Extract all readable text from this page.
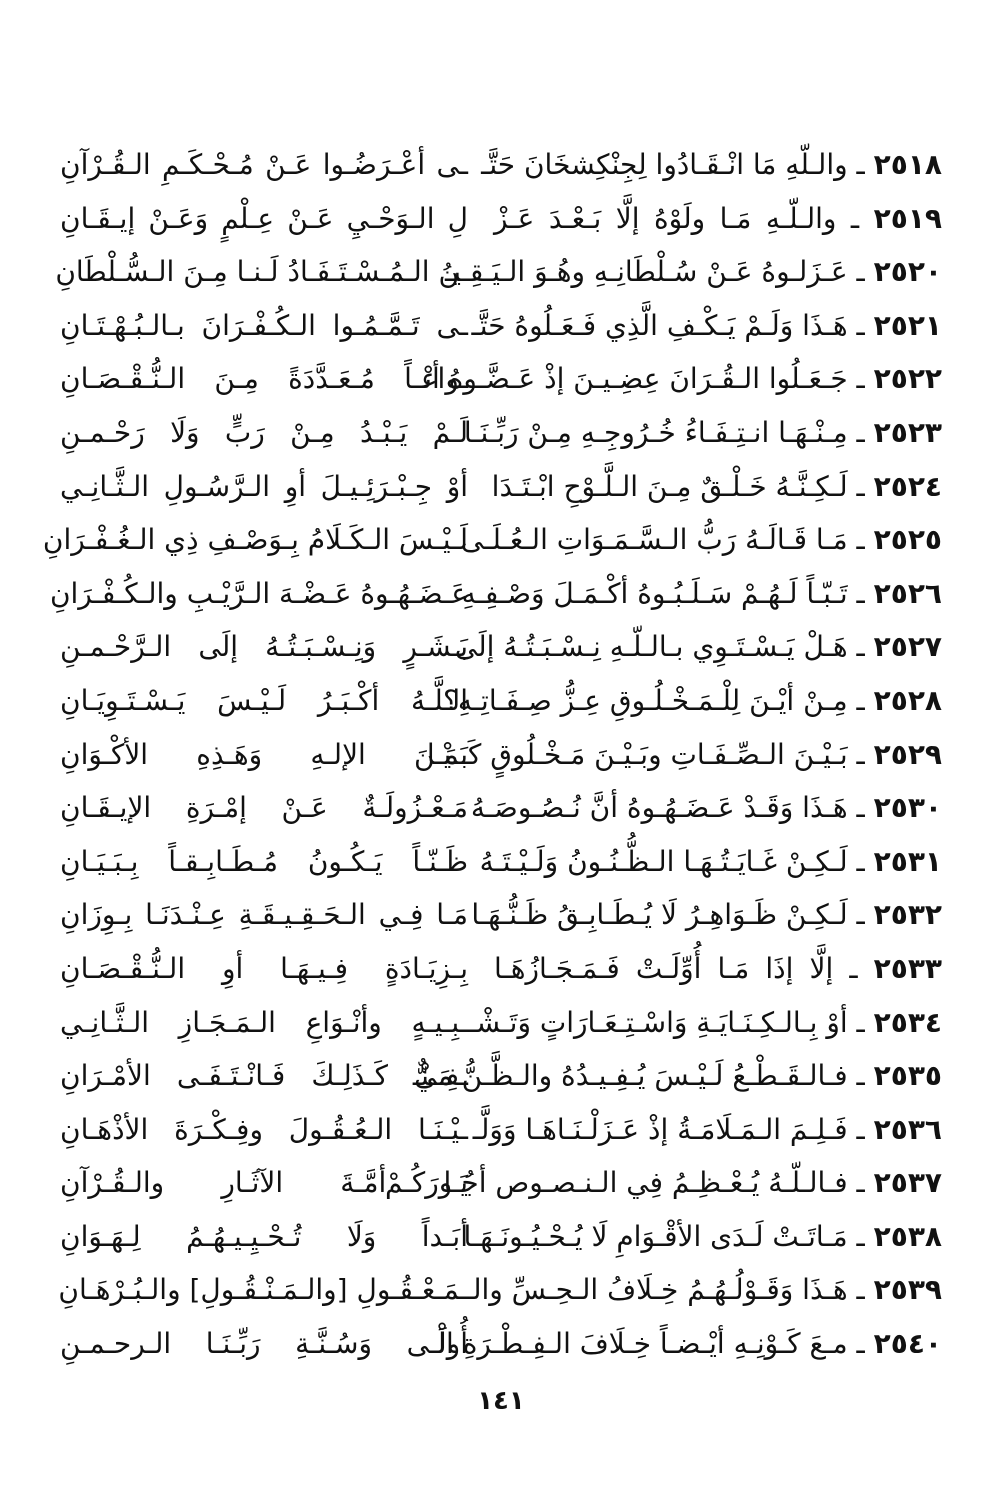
٢٥١٨ ـ والـلّهِ مَا انْـقَـادُوا لِجِنْكِشخَانَ حَتَّـ
ـى أعْـرَضُـوا عَـنْ مُـحْـكَـمِ الـقُـرْآنِ
٢٥١٩ ـ والـلّـهِ مَـا ولَوْهُ إلَّا بَـعْـدَ عَـزْ
لِ الـوَحْـيِ عَـنْ عِـلْمٍ وَعَـنْ إيـقَـانِ
٢٥٢٠ ـ عَـزَلـوهُ عَـنْ سُـلْطَانِـهِ وهُـوَ الـيَـقِـيـ
ـنُ الـمُـسْـتَـفَـادُ لَـنـا مِـنَ الـسُّـلْطَانِ
٢٥٢١ ـ هَـذَا وَلَـمْ يَـكْـفِ الَّذِي فَـعَـلُوهُ حَتَّـ
ـى تَـمَّـمُـوا الـكُـفْـرَانَ بـالـبُـهْـتَـانِ
٢٥٢٢ ـ جَـعَـلُوا الـقُـرَانَ عِضِـيـنَ إذْ عَـضَّـوهُ أنْـ
ـواعـاً مُـعَـدَّدَةً مِـنَ الـنُّـقْـصَـانِ
٢٥٢٣ ـ مِـنْـهَـا انـتِـفَـاءُ خُـرُوجِـهِ مِـنْ رَبِّـنَـا
لَـمْ يَـبْـدُ مِـنْ رَبٍّ وَلَا رَحْـمـنِ
٢٥٢٤ ـ لَـكِـنَّـهُ خَـلْـقٌ مِـنَ الـلَّـوْحِ ابْـتَـدَا
أوْ جِـبْـرَئِـيـلَ أوِ الـرَّسُـولِ الـثَّـانِـي
٢٥٢٥ ـ مَـا قَـالَـهُ رَبُّ الـسَّـمَـوَاتِ الـعُـلَـى
لَـيْـسَ الـكَـلَامُ بِـوَصْـفِ ذِي الـغُـفْـرَانِ
٢٥٢٦ ـ تَـبّـاً لَـهُـمْ سَـلَـبُـوهُ أكْـمَـلَ وَصْـفِـهِ
عَـضَـهُـوهُ عَـضْـهَ الـرَّيْـبِ والـكُـفْـرَانِ
٢٥٢٧ ـ هَـلْ يَـسْـتَـوِي بـالـلّـهِ نِـسْـبَـتُـهُ إلَى
بَـشَـرٍ وَنِـسْـبَـتُـهُ إلَى الـرَّحْـمـنِ
٢٥٢٨ ـ مِـنْ أيْـنَ لِلْـمَـخْـلُـوقِ عِـزُّ صِـفَـاتِـهِ؟
الـلَّـهُ أكْـبَـرُ لَـيْـسَ يَـسْـتَـوِيَـانِ
٢٥٢٩ ـ بَـيْـنَ الـصِّـفَـاتِ وبَـيْـنَ مَـخْـلُوقٍ كَـمَـا
بَـيْـنَ الإلـهِ وَهَـذِهِ الأكْـوَانِ
٢٥٣٠ ـ هَـذَا وَقَـدْ عَـضَـهُـوهُ أنَّ نُـصُـوصَـهُ
مَـعْـزُولَـةٌ عَـنْ إمْـرَةِ الإيـقَـانِ
٢٥٣١ ـ لَـكِـنْ غَـايَـتُـهَـا الـظُّـنُـونُ وَلَـيْـتَـهُ
ظَـنّـاً يَـكُـونُ مُـطَـابِـقـاً بِـبَـيَـانِ
٢٥٣٢ ـ لَـكِـنْ ظَـوَاهِـرُ لَا يُـطَـابِـقُ ظَـنُّـهَـا
مَـا فِـي الـحَـقِـيـقَـةِ عِـنْـدَنَـا بِـوِزَانِ
٢٥٣٣ ـ إلَّا إذَا مَـا أُوِّلَـتْ فَـمَـجَـازُهَـا
بِـزِيَـادَةٍ فِـيـهَـا أوِ الـنُّـقْـصَـانِ
٢٥٣٤ ـ أوْ بِـالـكِـنَـايَـةِ وَاسْـتِـعَـارَاتٍ وَتَـشْـ
ـبِـيـهٍ وأنْـوَاعِ الـمَـجَـازِ الـثَّـانِـي
٢٥٣٥ ـ فـالـقَـطْـعُ لَـيْـسَ يُـفِـيـدُهُ والـظَّـنُّ مَـنْـ
ـفِـيٌّ كَـذَلِـكَ فَـانْـتَـفَـى الأمْـرَانِ
٢٥٣٦ ـ فَـلِـمَ الـمَـلَامَـةُ إذْ عَـزَلْـنَـاهَـا وَوَلَّـ
ـيْـنَـا الـعُـقُـولَ وفِـكْـرَةَ الأذْهَـانِ
٢٥٣٧ ـ فـالـلّـهُ يُـعْـظِـمُ فِي الـنـصـوص أجُـورَكُـمْ
يَـا أمَّـةَ الآثَـارِ والـقُـرْآنِ
٢٥٣٨ ـ مَـاتَـتْ لَـدَى الأقْـوَامِ لَا يُـحْـيُـونَـهَـا
أبَـداً وَلَا تُـحْـيِـيـهُـمُ لِـهَـوَانِ
٢٥٣٩ ـ هَـذَا وَقَـوْلُـهُـمُ خِـلَافُ الـحِـسِّ والـ
ـمَـعْـقُـولِ [والـمَـنْـقُـولِ] والـبُـرْهَـانِ
٢٥٤٠ ـ مـعَ كَـوْنِـهِ أيْـضـاً خِـلَافَ الـفِـطْـرَةِ الْـ
أُولَـى وَسُـنَّـةِ رَبِّـنَـا الـرحـمـنِ
١٤١
